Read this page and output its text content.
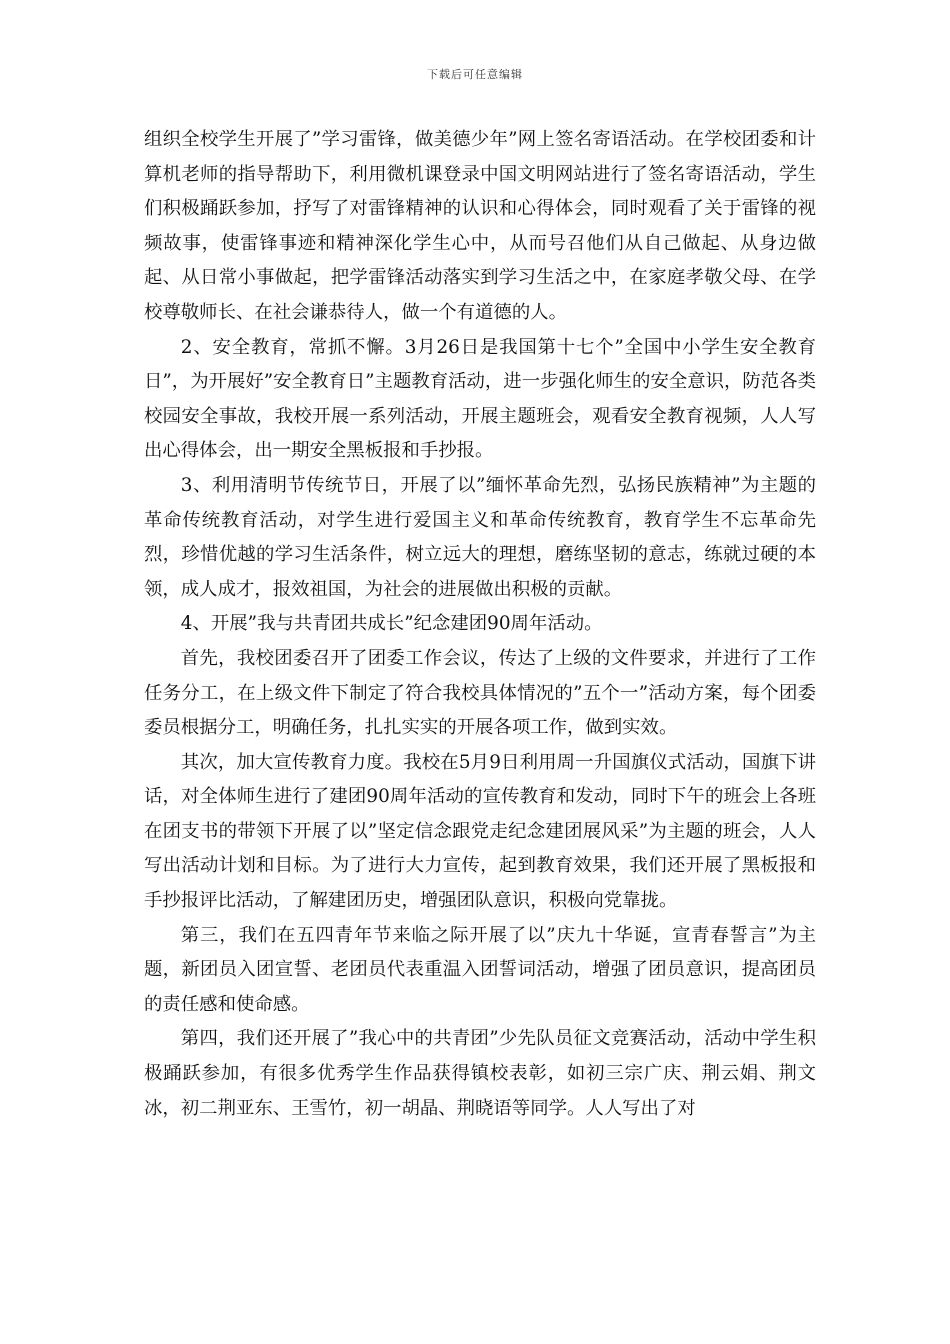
下载后可任意编辑

组织全校学生开展了”学习雷锋，做美德少年”网上签名寄语活动。在学校团委和计算机老师的指导帮助下，利用微机课登录中国文明网站进行了签名寄语活动，学生们积极踊跃参加，抒写了对雷锋精神的认识和心得体会，同时观看了关于雷锋的视频故事，使雷锋事迹和精神深化学生心中，从而号召他们从自己做起、从身边做起、从日常小事做起，把学雷锋活动落实到学习生活之中，在家庭孝敬父母、在学校尊敬师长、在社会谦恭待人，做一个有道德的人。

2、安全教育，常抓不懈。3月26日是我国第十七个”全国中小学生安全教育日”，为开展好”安全教育日”主题教育活动，进一步强化师生的安全意识，防范各类校园安全事故，我校开展一系列活动，开展主题班会，观看安全教育视频，人人写出心得体会，出一期安全黑板报和手抄报。

3、利用清明节传统节日，开展了以”缅怀革命先烈，弘扬民族精神”为主题的革命传统教育活动，对学生进行爱国主义和革命传统教育，教育学生不忘革命先烈，珍惜优越的学习生活条件，树立远大的理想，磨练坚韧的意志，练就过硬的本领，成人成才，报效祖国，为社会的进展做出积极的贡献。

4、开展”我与共青团共成长”纪念建团90周年活动。

首先，我校团委召开了团委工作会议，传达了上级的文件要求，并进行了工作任务分工，在上级文件下制定了符合我校具体情况的”五个一”活动方案，每个团委委员根据分工，明确任务，扎扎实实的开展各项工作，做到实效。

其次，加大宣传教育力度。我校在5月9日利用周一升国旗仪式活动，国旗下讲话，对全体师生进行了建团90周年活动的宣传教育和发动，同时下午的班会上各班在团支书的带领下开展了以”坚定信念跟党走纪念建团展风采”为主题的班会，人人写出活动计划和目标。为了进行大力宣传，起到教育效果，我们还开展了黑板报和手抄报评比活动，了解建团历史，增强团队意识，积极向党靠拢。

第三，我们在五四青年节来临之际开展了以”庆九十华诞，宣青春誓言”为主题，新团员入团宣誓、老团员代表重温入团誓词活动，增强了团员意识，提高团员的责任感和使命感。

第四，我们还开展了”我心中的共青团”少先队员征文竞赛活动，活动中学生积极踊跃参加，有很多优秀学生作品获得镇校表彰，如初三宗广庆、荆云娟、荆文冰，初二荆亚东、王雪竹，初一胡晶、荆晓语等同学。人人写出了对
